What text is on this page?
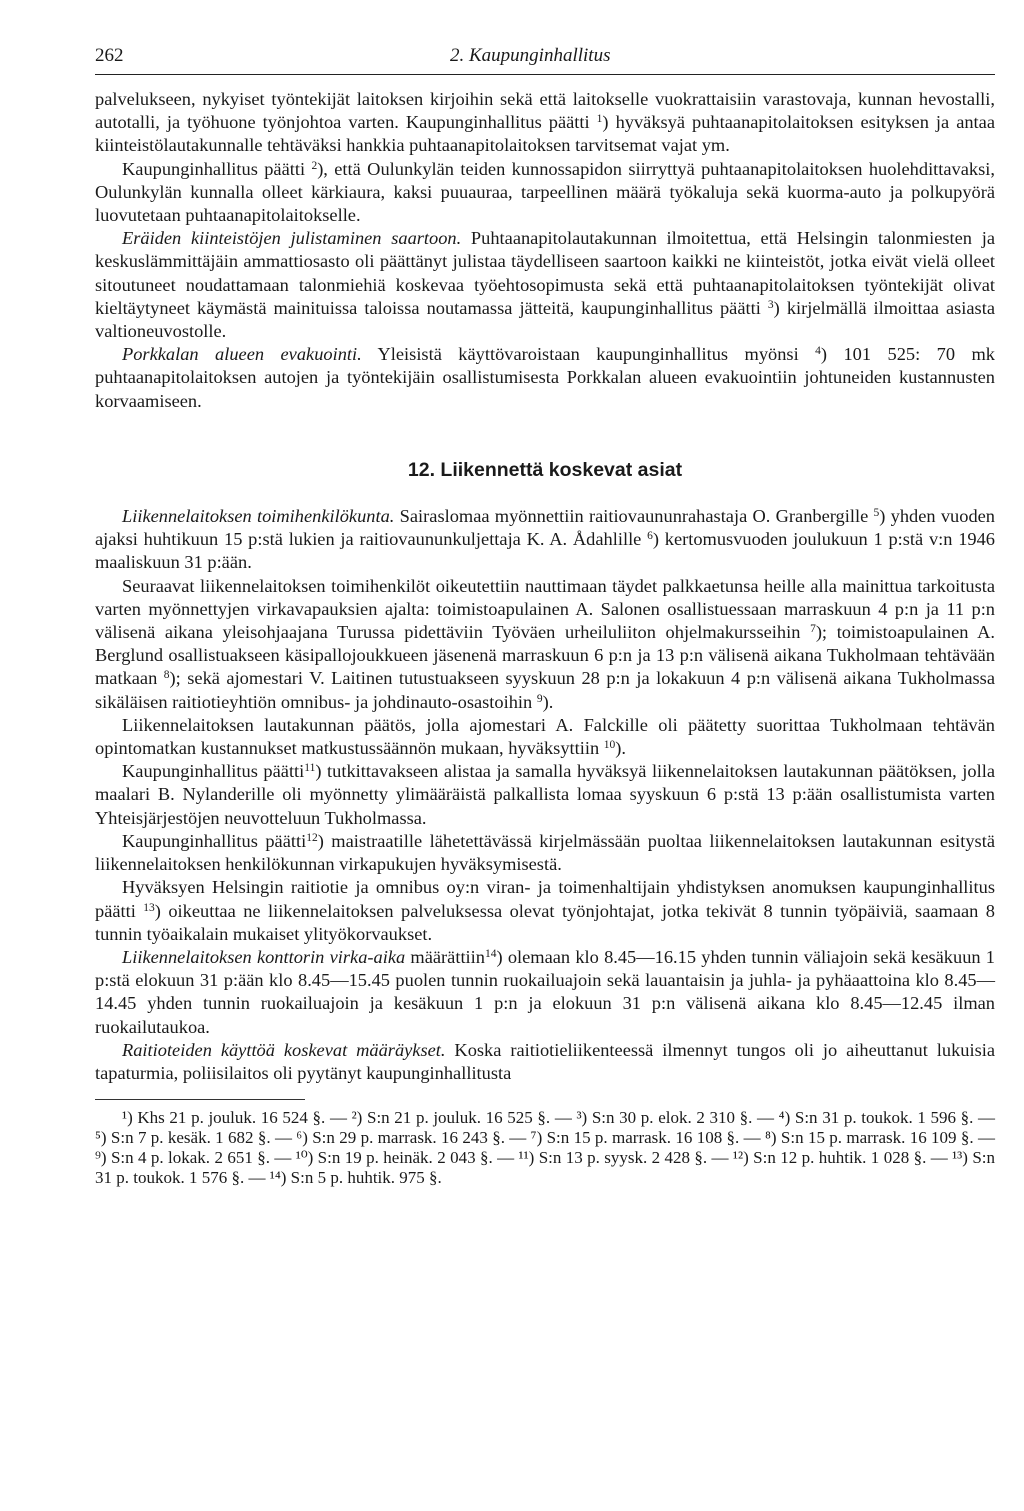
262	2. Kaupunginhallitus

palvelukseen, nykyiset työntekijät laitoksen kirjoihin sekä että laitokselle vuokrattaisiin varastovaja, kunnan hevostalli, autotalli, ja työhuone työnjohtoa varten. Kaupunginhallitus päätti $^1$) hyväksyä puhtaanapitolaitoksen esityksen ja antaa kiinteistölautakunnalle tehtäväksi hankkia puhtaanapitolaitoksen tarvitsemat vajat ym.

Kaupunginhallitus päätti $^2$), että Oulunkylän teiden kunnossapidon siirryttyä puhtaanapitolaitoksen huolehdittavaksi, Oulunkylän kunnalla olleet kärkiaura, kaksi puuauraa, tarpeellinen määrä työkaluja sekä kuorma-auto ja polkupyörä luovutetaan puhtaanapitolaitokselle.

Eräiden kiinteistöjen julistaminen saartoon. Puhtaanapitolautakunnan ilmoitettua, että Helsingin talonmiesten ja keskuslämmittäjäin ammattiosasto oli päättänyt julistaa täydelliseen saartoon kaikki ne kiinteistöt, jotka eivät vielä olleet sitoutuneet noudattamaan talonmiehiä koskevaa työehtosopimusta sekä että puhtaanapitolaitoksen työntekijät olivat kieltäytyneet käymästä mainituissa taloissa noutamassa jätteitä, kaupunginhallitus päätti $^3$) kirjelmällä ilmoittaa asiasta valtioneuvostolle.

Porkkalan alueen evakuointi. Yleisistä käyttövaroistaan kaupunginhallitus myönsi $^4$) 101 525: 70 mk puhtaanapitolaitoksen autojen ja työntekijäin osallistumisesta Porkkalan alueen evakuointiin johtuneiden kustannusten korvaamiseen.

12. Liikennettä koskevat asiat

Liikennelaitoksen toimihenkilökunta. Sairaslomaa myönnettiin raitiovaununrahastaja O. Granbergille $^5$) yhden vuoden ajaksi huhtikuun 15 p:stä lukien ja raitiovaununkuljettaja K. A. Ådahlille $^6$) kertomusvuoden joulukuun 1 p:stä v:n 1946 maaliskuun 31 p:ään.

Seuraavat liikennelaitoksen toimihenkilöt oikeutettiin nauttimaan täydet palkkaetunsa heille alla mainittua tarkoitusta varten myönnettyjen virkavapauksien ajalta: toimistoapulainen A. Salonen osallistuessaan marraskuun 4 p:n ja 11 p:n välisenä aikana yleisohjaajana Turussa pidettäviin Työväen urheiluliiton ohjelmakursseihin $^7$); toimistoapulainen A. Berglund osallistuakseen käsipallojoukkueen jäsenenä marraskuun 6 p:n ja 13 p:n välisenä aikana Tukholmaan tehtävään matkaan $^8$); sekä ajomestari V. Laitinen tutustuakseen syyskuun 28 p:n ja lokakuun 4 p:n välisenä aikana Tukholmassa sikäläisen raitiotieyhtiön omnibus- ja johdinauto-osastoihin $^9$).

Liikennelaitoksen lautakunnan päätös, jolla ajomestari A. Falckille oli päätetty suorittaa Tukholmaan tehtävän opintomatkan kustannukset matkustussäännön mukaan, hyväksyttiin $^{10}$).

Kaupunginhallitus päätti$^{11}$) tutkittavakseen alistaa ja samalla hyväksyä liikennelaitoksen lautakunnan päätöksen, jolla maalari B. Nylanderille oli myönnetty ylimääräistä palkallista lomaa syyskuun 6 p:stä 13 p:ään osallistumista varten Yhteisjärjestöjen neuvotteluun Tukholmassa.

Kaupunginhallitus päätti$^{12}$) maistraatille lähetettävässä kirjelmässään puoltaa liikennelaitoksen lautakunnan esitystä liikennelaitoksen henkilökunnan virkapukujen hyväksymisestä.

Hyväksyen Helsingin raitiotie ja omnibus oy:n viran- ja toimenhaltijain yhdistyksen anomuksen kaupunginhallitus päätti $^{13}$) oikeuttaa ne liikennelaitoksen palveluksessa olevat työnjohtajat, jotka tekivät 8 tunnin työpäiviä, saamaan 8 tunnin työaikalain mukaiset ylityökorvaukset.

Liikennelaitoksen konttorin virka-aika määrättiin$^{14}$) olemaan klo 8.45—16.15 yhden tunnin väliajoin sekä kesäkuun 1 p:stä elokuun 31 p:ään klo 8.45—15.45 puolen tunnin ruokailuajoin sekä lauantaisin ja juhla- ja pyhäaattoina klo 8.45—14.45 yhden tunnin ruokailuajoin ja kesäkuun 1 p:n ja elokuun 31 p:n välisenä aikana klo 8.45—12.45 ilman ruokailutaukoa.

Raitioteiden käyttöä koskevat määräykset. Koska raitiotieliikenteessä ilmennyt tungos oli jo aiheuttanut lukuisia tapaturmia, poliisilaitos oli pyytänyt kaupunginhallitusta

¹) Khs 21 p. jouluk. 16 524 §. — ²) S:n 21 p. jouluk. 16 525 §. — ³) S:n 30 p. elok. 2 310 §. — ⁴) S:n 31 p. toukok. 1 596 §. — ⁵) S:n 7 p. kesäk. 1 682 §. — ⁶) S:n 29 p. marrask. 16 243 §. — ⁷) S:n 15 p. marrask. 16 108 §. — ⁸) S:n 15 p. marrask. 16 109 §. — ⁹) S:n 4 p. lokak. 2 651 §. — ¹⁰) S:n 19 p. heinäk. 2 043 §. — ¹¹) S:n 13 p. syysk. 2 428 §. — ¹²) S:n 12 p. huhtik. 1 028 §. — ¹³) S:n 31 p. toukok. 1 576 §. — ¹⁴) S:n 5 p. huhtik. 975 §.
